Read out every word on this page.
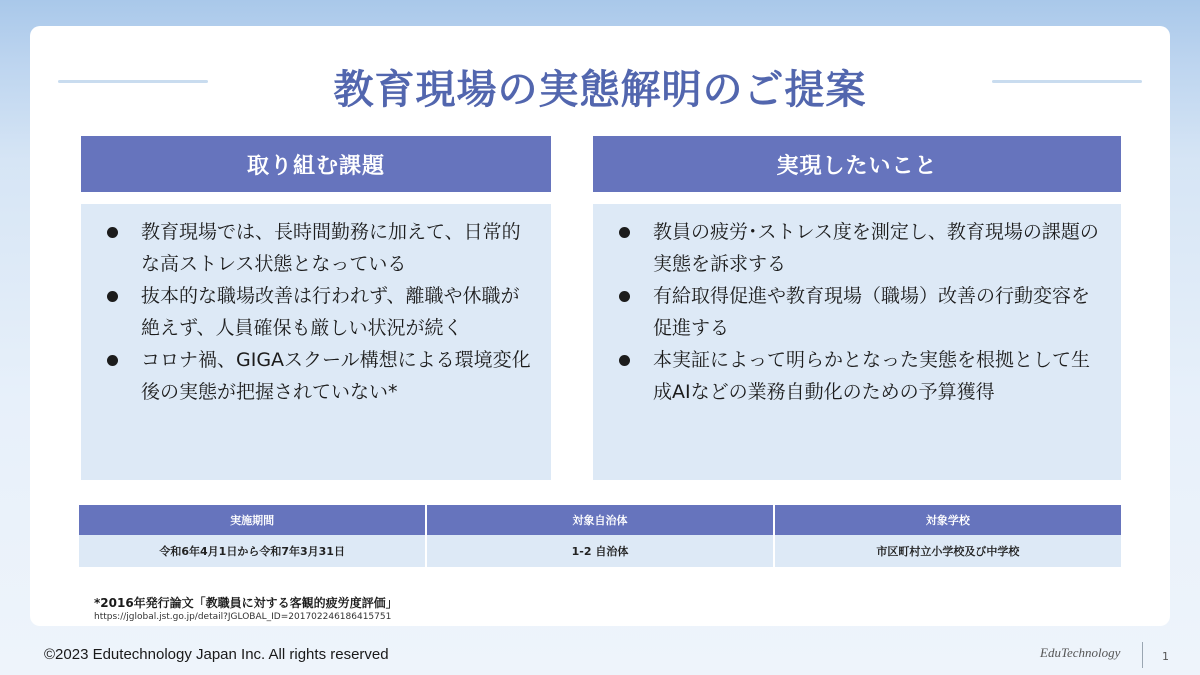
教育現場の実態解明のご提案
取り組む課題
教育現場では、長時間勤務に加えて、日常的な高ストレス状態となっている
抜本的な職場改善は行われず、離職や休職が絶えず、人員確保も厳しい状況が続く
コロナ禍、GIGAスクール構想による環境変化後の実態が把握されていない*
実現したいこと
教員の疲労･ストレス度を測定し、教育現場の課題の実態を訴求する
有給取得促進や教育現場（職場）改善の行動変容を促進する
本実証によって明らかとなった実態を根拠として生成AIなどの業務自動化のための予算獲得
実施期間	対象自治体	対象学校
令和6年4月1日から令和7年3月31日	1-2 自治体	市区町村立小学校及び中学校
*2016年発行論文「教職員に対する客観的疲労度評価」
https://jglobal.jst.go.jp/detail?JGLOBAL_ID=201702246186415751
©2023 Edutechnology Japan Inc. All rights reserved	EduTechnology	1
